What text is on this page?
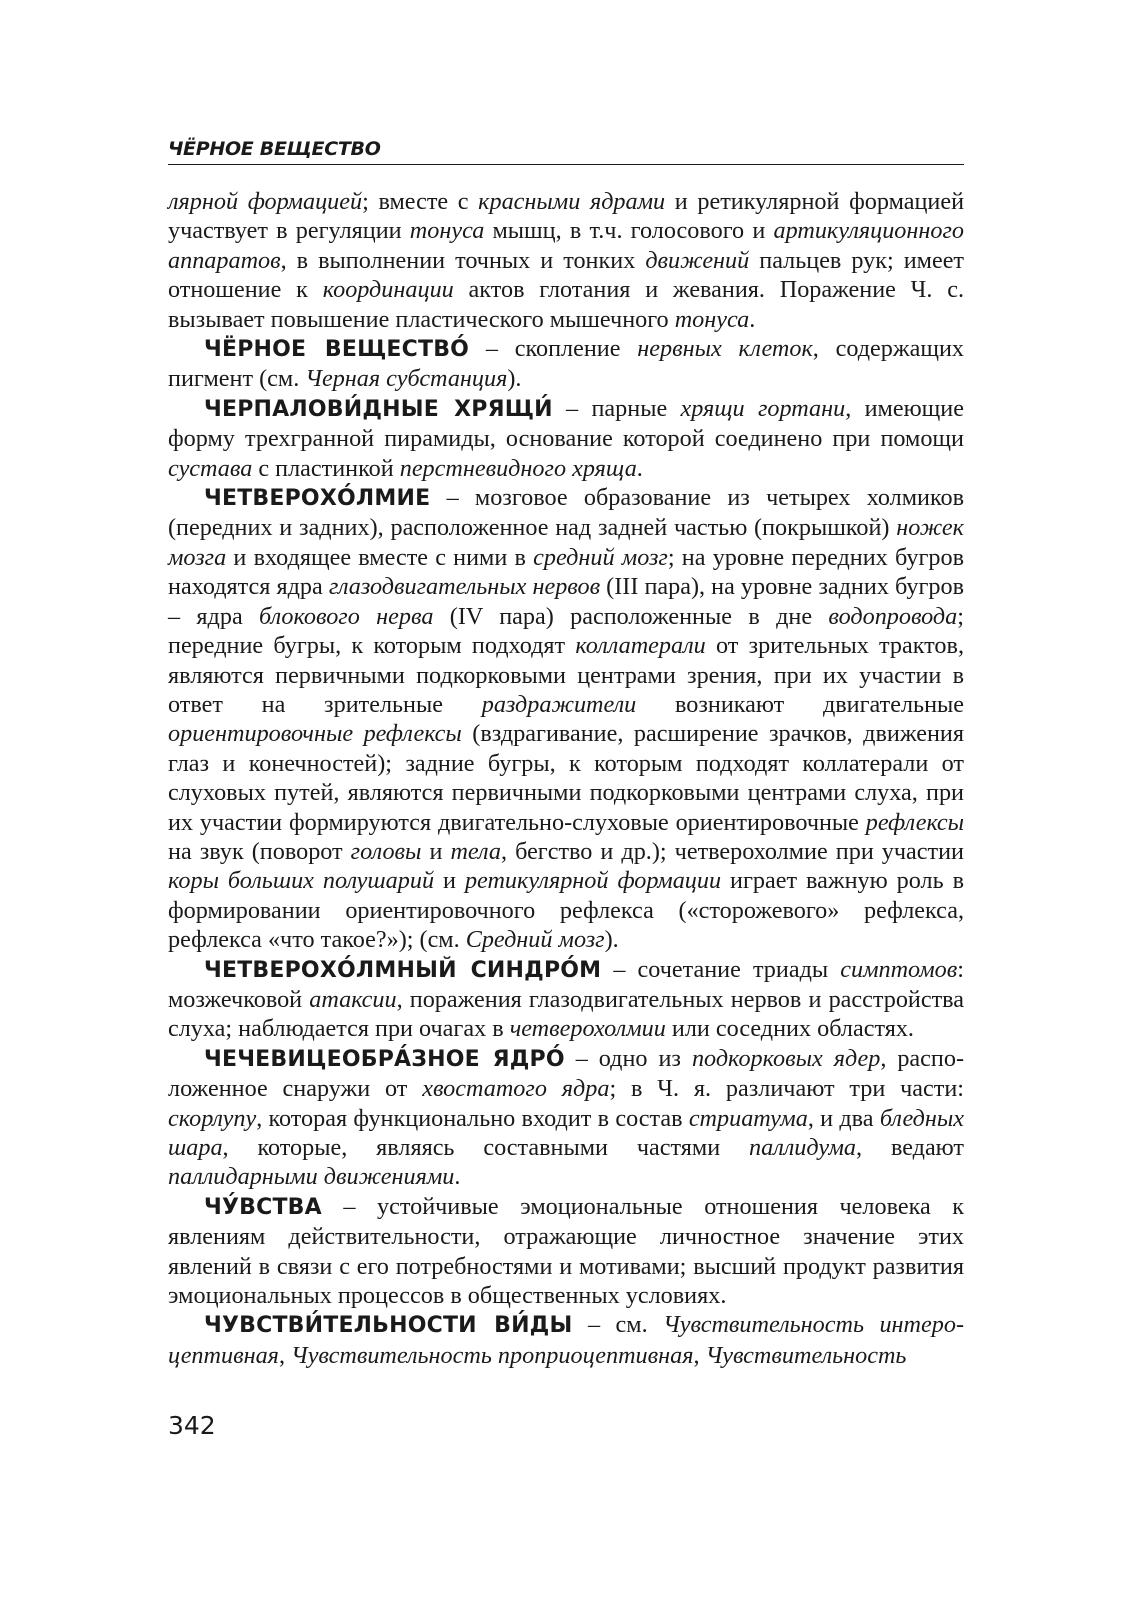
ЧЁРНОЕ ВЕЩЕСТВО

лярной формацией; вместе с красными ядрами и ретикулярной формацией участвует в регуляции тонуса мышц, в т.ч. голосового и артикуляционного аппаратов, в выполнении точных и тонких движений пальцев рук; имеет отношение к координации актов глотания и жевания. Поражение Ч. с. вызывает повышение пластического мышечного тонуса.

ЧЁРНОЕ ВЕЩЕСТВО́ – скопление нервных клеток, содержащих пигмент (см. Черная субстанция).

ЧЕРПАЛОВИ́ДНЫЕ ХРЯЩИ́ – парные хрящи гортани, имеющие форму трехгранной пирамиды, основание которой соединено при помощи сустава с пластинкой перстневидного хряща.

ЧЕТВЕРОХО́ЛМИЕ – мозговое образование из четырех холмиков (передних и задних), расположенное над задней частью (покрышкой) ножек мозга и входящее вместе с ними в средний мозг; на уровне передних бугров находятся ядра глазодвигательных нервов (III пара), на уровне задних бугров – ядра блокового нерва (IV пара) расположенные в дне водопровода; передние бугры, к которым подходят коллатерали от зрительных трактов, являются первичными подкорковыми центрами зрения, при их участии в ответ на зрительные раздражители возникают двигательные ориентировочные рефлексы (вздрагивание, расширение зрачков, движения глаз и конечностей); задние бугры, к которым подходят коллатерали от слуховых путей, являются первичными подкорковыми центрами слуха, при их участии формируются двигательно-слуховые ориентировочные рефлексы на звук (поворот головы и тела, бегство и др.); четверохолмие при участии коры больших полушарий и ретикулярной формации играет важную роль в формировании ориентировочного рефлекса («сторожевого» рефлекса, рефлекса «что такое?»); (см. Средний мозг).

ЧЕТВЕРОХО́ЛМНЫЙ СИНДРО́М – сочетание триады симптомов: мозжечковой атаксии, поражения глазодвигательных нервов и расстройства слуха; наблюдается при очагах в четверохолмии или соседних областях.

ЧЕЧЕВИЦЕОБРА́ЗНОЕ ЯДРО́ – одно из подкорковых ядер, расположенное снаружи от хвостатого ядра; в Ч. я. различают три части: скорлупу, которая функционально входит в состав стриатума, и два бледных шара, которые, являясь составными частями паллидума, ведают паллидарными движениями.

ЧУ́ВСТВА – устойчивые эмоциональные отношения человека к явлениям действительности, отражающие личностное значение этих явлений в связи с его потребностями и мотивами; высший продукт развития эмоциональных процессов в общественных условиях.

ЧУВСТВИ́ТЕЛЬНОСТИ ВИ́ДЫ – см. Чувствительность интероцептивная, Чувствительность проприоцептивная, Чувствительность

342
